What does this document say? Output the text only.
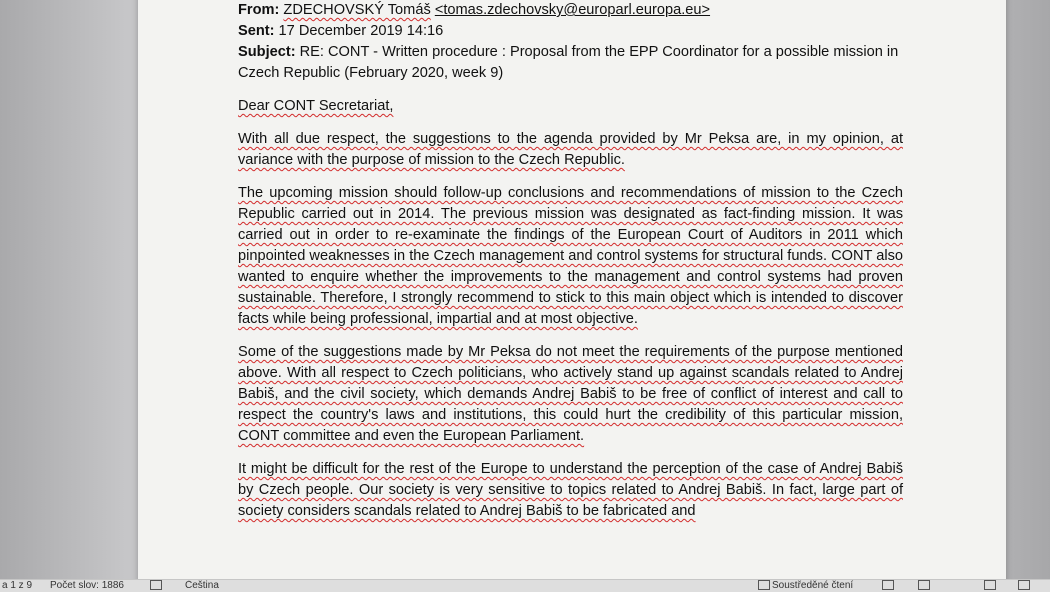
From: ZDECHOVSKÝ Tomáš <tomas.zdechovsky@europarl.europa.eu>

Sent: 17 December 2019 14:16

Subject: RE: CONT - Written procedure : Proposal from the EPP Coordinator for a possible mission in
Czech Republic (February 2020, week 9)

Dear CONT Secretariat,

With all due respect, the suggestions to the agenda provided by Mr Peksa are, in my opinion, at variance with the purpose of mission to the Czech Republic.

The upcoming mission should follow-up conclusions and recommendations of mission to the Czech Republic carried out in 2014. The previous mission was designated as fact-finding mission. It was carried out in order to re-examinate the findings of the European Court of Auditors in 2011 which pinpointed weaknesses in the Czech management and control systems for structural funds. CONT also wanted to enquire whether the improvements to the management and control systems had proven sustainable. Therefore, I strongly recommend to stick to this main object which is intended to discover facts while being professional, impartial and at most objective.

Some of the suggestions made by Mr Peksa do not meet the requirements of the purpose mentioned above. With all respect to Czech politicians, who actively stand up against scandals related to Andrej Babiš, and the civil society, which demands Andrej Babiš to be free of conflict of interest and call to respect the country's laws and institutions, this could hurt the credibility of this particular mission, CONT committee and even the European Parliament.

It might be difficult for the rest of the Europe to understand the perception of the case of Andrej Babiš by Czech people. Our society is very sensitive to topics related to Andrej Babiš. In fact, large part of society considers scandals related to Andrej Babiš to be fabricated and

a 1 z 9 Počet slov: 1886	Čeština	Soustředěné čtení
